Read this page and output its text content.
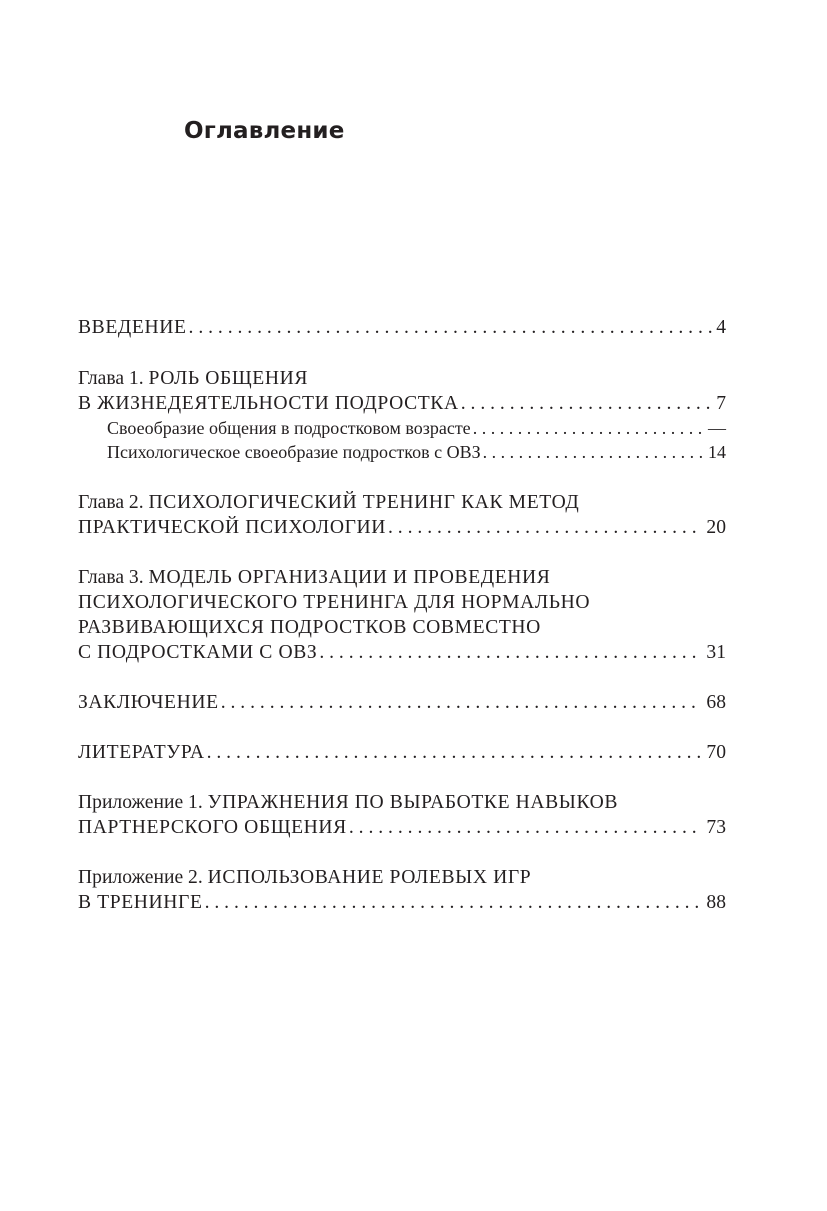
Оглавление
ВВЕДЕНИЕ . . .	4
Глава 1.
РОЛЬ ОБЩЕНИЯ
В ЖИЗНЕДЕЯТЕЛЬНОСТИ ПОДРОСТКА . . .	7
Своеобразие общения в подростковом возрасте . . .	—
Психологическое своеобразие подростков с ОВЗ . . .	14
Глава 2.
ПСИХОЛОГИЧЕСКИЙ ТРЕНИНГ КАК МЕТОД
ПРАКТИЧЕСКОЙ ПСИХОЛОГИИ . . .	20
Глава 3.
МОДЕЛЬ ОРГАНИЗАЦИИ И ПРОВЕДЕНИЯ
ПСИХОЛОГИЧЕСКОГО ТРЕНИНГА ДЛЯ НОРМАЛЬНО
РАЗВИВАЮЩИХСЯ ПОДРОСТКОВ СОВМЕСТНО
С ПОДРОСТКАМИ С ОВЗ . . .	31
ЗАКЛЮЧЕНИЕ . . .	68
ЛИТЕРАТУРА . . .	70
Приложение 1.
УПРАЖНЕНИЯ ПО ВЫРАБОТКЕ НАВЫКОВ
ПАРТНЕРСКОГО ОБЩЕНИЯ . . .	73
Приложение 2.
ИСПОЛЬЗОВАНИЕ РОЛЕВЫХ ИГР
В ТРЕНИНГЕ . . .	88
